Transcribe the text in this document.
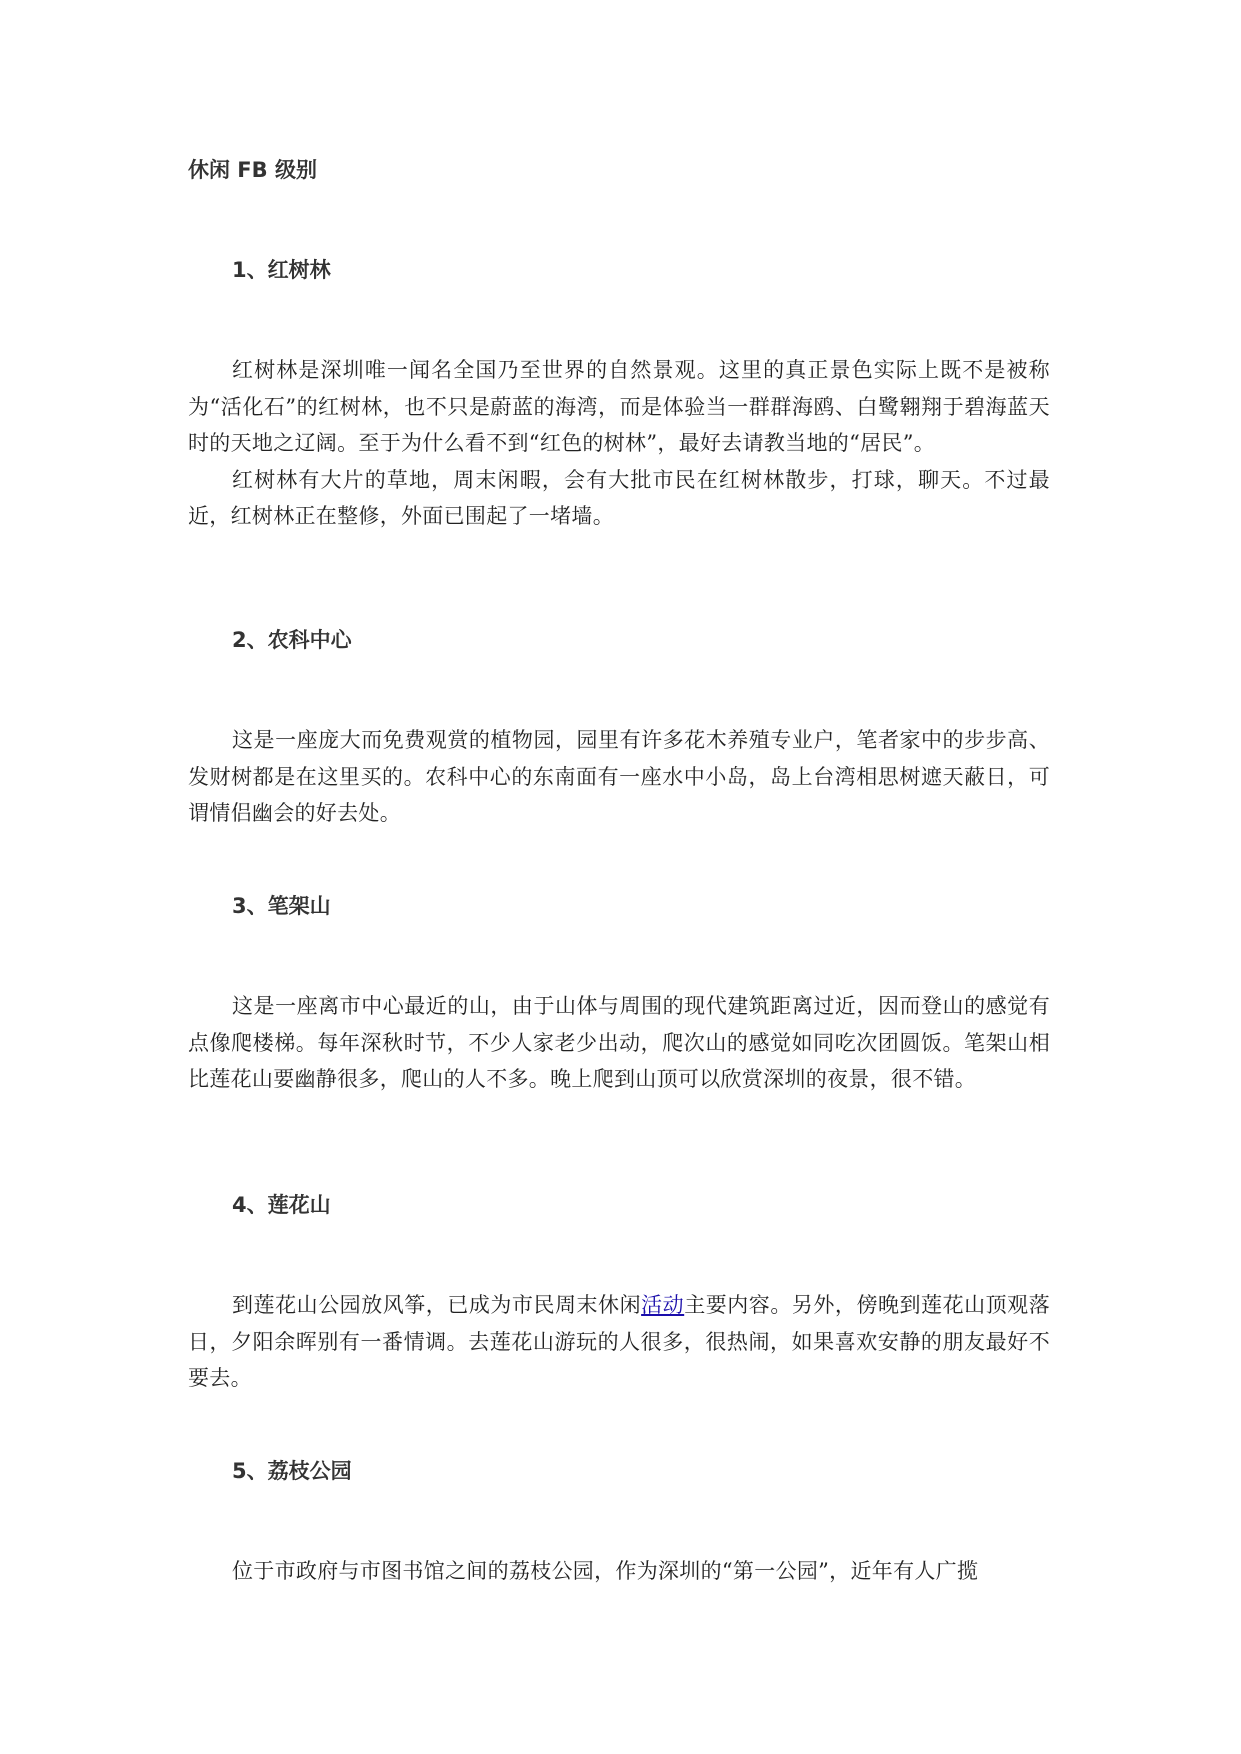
休闲 FB 级别
1、红树林

红树林是深圳唯一闻名全国乃至世界的自然景观。这里的真正景色实际上既不是被称为“活化石”的红树林，也不只是蔚蓝的海湾，而是体验当一群群海鸥、白鹭翱翔于碧海蓝天时的天地之辽阔。至于为什么看不到“红色的树林”，最好去请教当地的“居民”。

红树林有大片的草地，周末闲暇，会有大批市民在红树林散步，打球，聊天。不过最近，红树林正在整修，外面已围起了一堵墙。

2、农科中心

这是一座庞大而免费观赏的植物园，园里有许多花木养殖专业户，笔者家中的步步高、发财树都是在这里买的。农科中心的东南面有一座水中小岛，岛上台湾相思树遮天蔽日，可谓情侣幽会的好去处。

3、笔架山

这是一座离市中心最近的山，由于山体与周围的现代建筑距离过近，因而登山的感觉有点像爬楼梯。每年深秋时节，不少人家老少出动，爬次山的感觉如同吃次团圆饭。笔架山相比莲花山要幽静很多，爬山的人不多。晚上爬到山顶可以欣赏深圳的夜景，很不错。

4、莲花山

到莲花山公园放风筝，已成为市民周末休闲活动主要内容。另外，傍晚到莲花山顶观落日，夕阳余晖别有一番情调。去莲花山游玩的人很多，很热闹，如果喜欢安静的朋友最好不要去。

5、荔枝公园

位于市政府与市图书馆之间的荔枝公园，作为深圳的“第一公园”，近年有人广揽
